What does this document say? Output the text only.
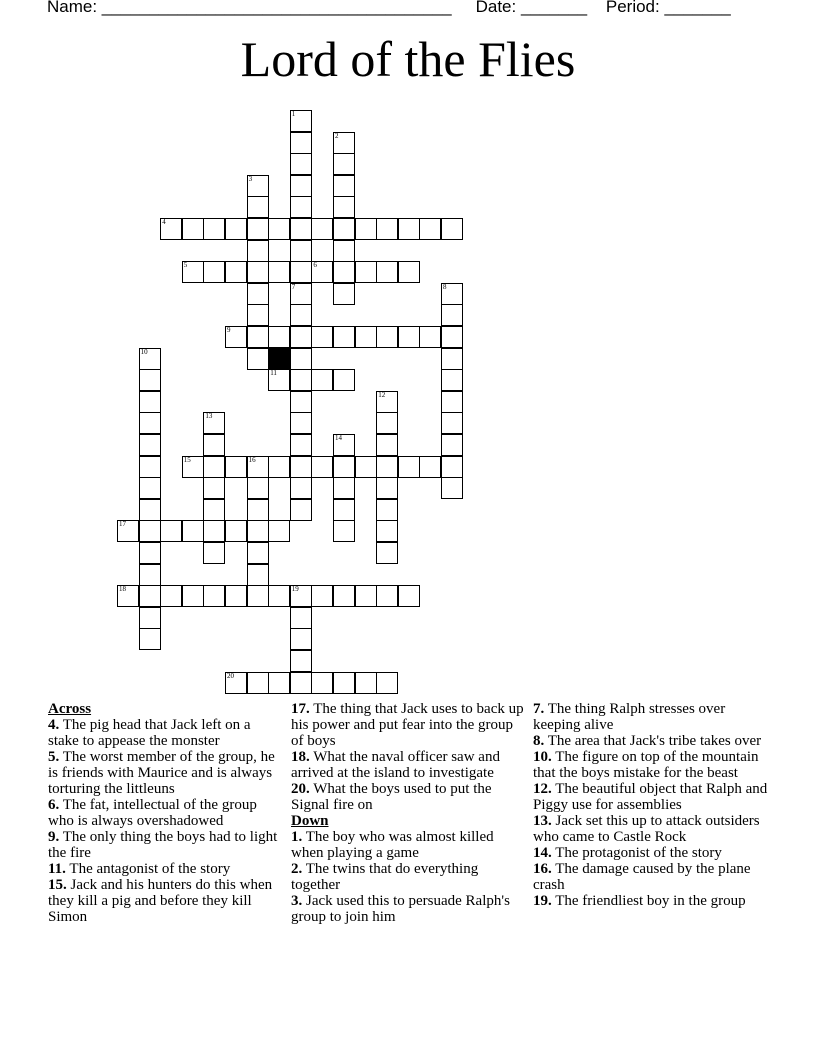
Name: _____________________________________ Date: _______ Period: _______
Lord of the Flies
1
7
2
3
4
5	6
8
9
10
11
12
13
14
15	16
17
18	19
20
Across
4. The pig head that Jack left on a stake to appease the monster
5. The worst member of the group, he is friends with Maurice and is always torturing the littleuns
6. The fat, intellectual of the group who is always overshadowed
9. The only thing the boys had to light the fire
11. The antagonist of the story
15. Jack and his hunters do this when they kill a pig and before they kill Simon
17. The thing that Jack uses to back up his power and put fear into the group of boys
18. What the naval officer saw and arrived at the island to investigate
20. What the boys used to put the Signal fire on
Down
1. The boy who was almost killed when playing a game
2. The twins that do everything together
3. Jack used this to persuade Ralph's group to join him
7. The thing Ralph stresses over keeping alive
8. The area that Jack's tribe takes over
10. The figure on top of the mountain that the boys mistake for the beast
12. The beautiful object that Ralph and Piggy use for assemblies
13. Jack set this up to attack outsiders who came to Castle Rock
14. The protagonist of the story
16. The damage caused by the plane crash
19. The friendliest boy in the group
